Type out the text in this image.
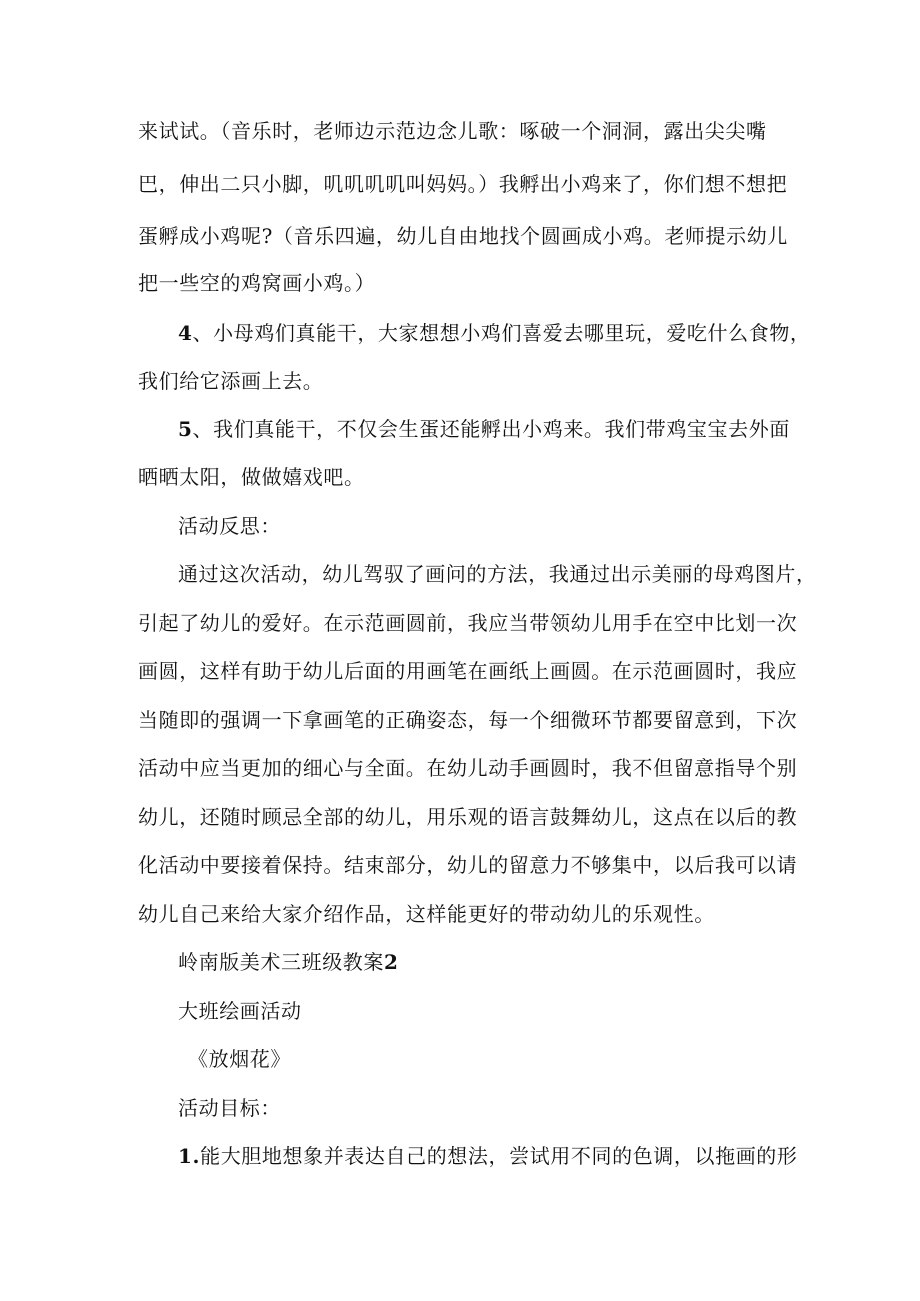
来试试。（音乐时，老师边示范边念儿歌：啄破一个洞洞，露出尖尖嘴
巴，伸出二只小脚，叽叽叽叽叫妈妈。）我孵出小鸡来了，你们想不想把
蛋孵成小鸡呢?（音乐四遍，幼儿自由地找个圆画成小鸡。老师提示幼儿
把一些空的鸡窝画小鸡。）
4、小母鸡们真能干，大家想想小鸡们喜爱去哪里玩，爱吃什么食物，
我们给它添画上去。
5、我们真能干，不仅会生蛋还能孵出小鸡来。我们带鸡宝宝去外面
晒晒太阳，做做嬉戏吧。
活动反思：
通过这次活动，幼儿驾驭了画问的方法，我通过出示美丽的母鸡图片，
引起了幼儿的爱好。在示范画圆前，我应当带领幼儿用手在空中比划一次
画圆，这样有助于幼儿后面的用画笔在画纸上画圆。在示范画圆时，我应
当随即的强调一下拿画笔的正确姿态，每一个细微环节都要留意到，下次
活动中应当更加的细心与全面。在幼儿动手画圆时，我不但留意指导个别
幼儿，还随时顾忌全部的幼儿，用乐观的语言鼓舞幼儿，这点在以后的教
化活动中要接着保持。结束部分，幼儿的留意力不够集中，以后我可以请
幼儿自己来给大家介绍作品，这样能更好的带动幼儿的乐观性。
岭南版美术三班级教案2
大班绘画活动
《放烟花》
活动目标：
1.能大胆地想象并表达自己的想法，尝试用不同的色调，以拖画的形
